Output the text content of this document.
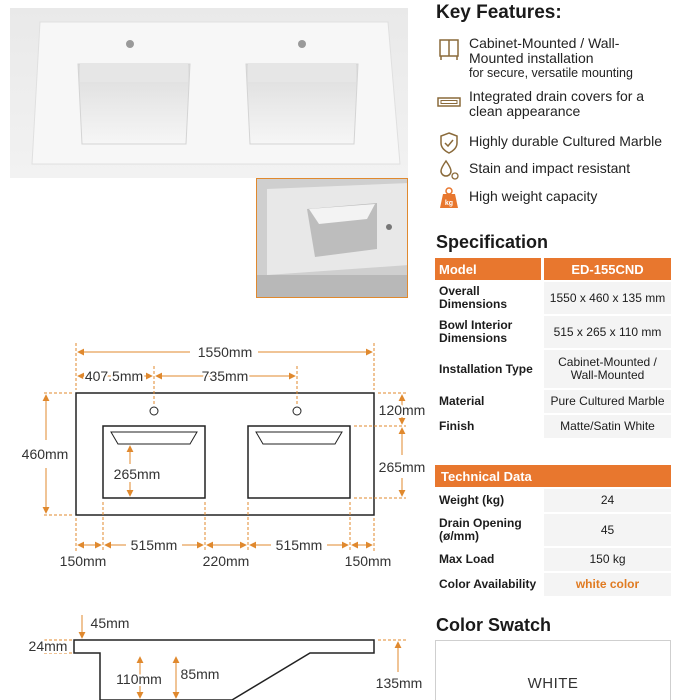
Key Features:
Cabinet-Mounted / Wall-Mounted installation
for secure, versatile mounting
Integrated drain covers for a clean appearance
Highly durable Cultured Marble
Stain and impact resistant
kg High weight capacity
Specification
Model	ED-155CND
Overall Dimensions	1550 x 460 x 135 mm
Bowl Interior Dimensions	515 x 265 x 110 mm
Installation Type	Cabinet-Mounted / Wall-Mounted
Material	Pure Cultured Marble
Finish	Matte/Satin White
Technical Data	
Weight (kg)	24
Drain Opening (ø/mm)	45
Max Load	150 kg
Color Availability	white color
Color Swatch
WHITE
1550mm
407.5mm	735mm
460mm
120mm
265mm
265mm
150mm
515mm
220mm
515mm
150mm
45mm
24mm
110mm 85mm
135mm
